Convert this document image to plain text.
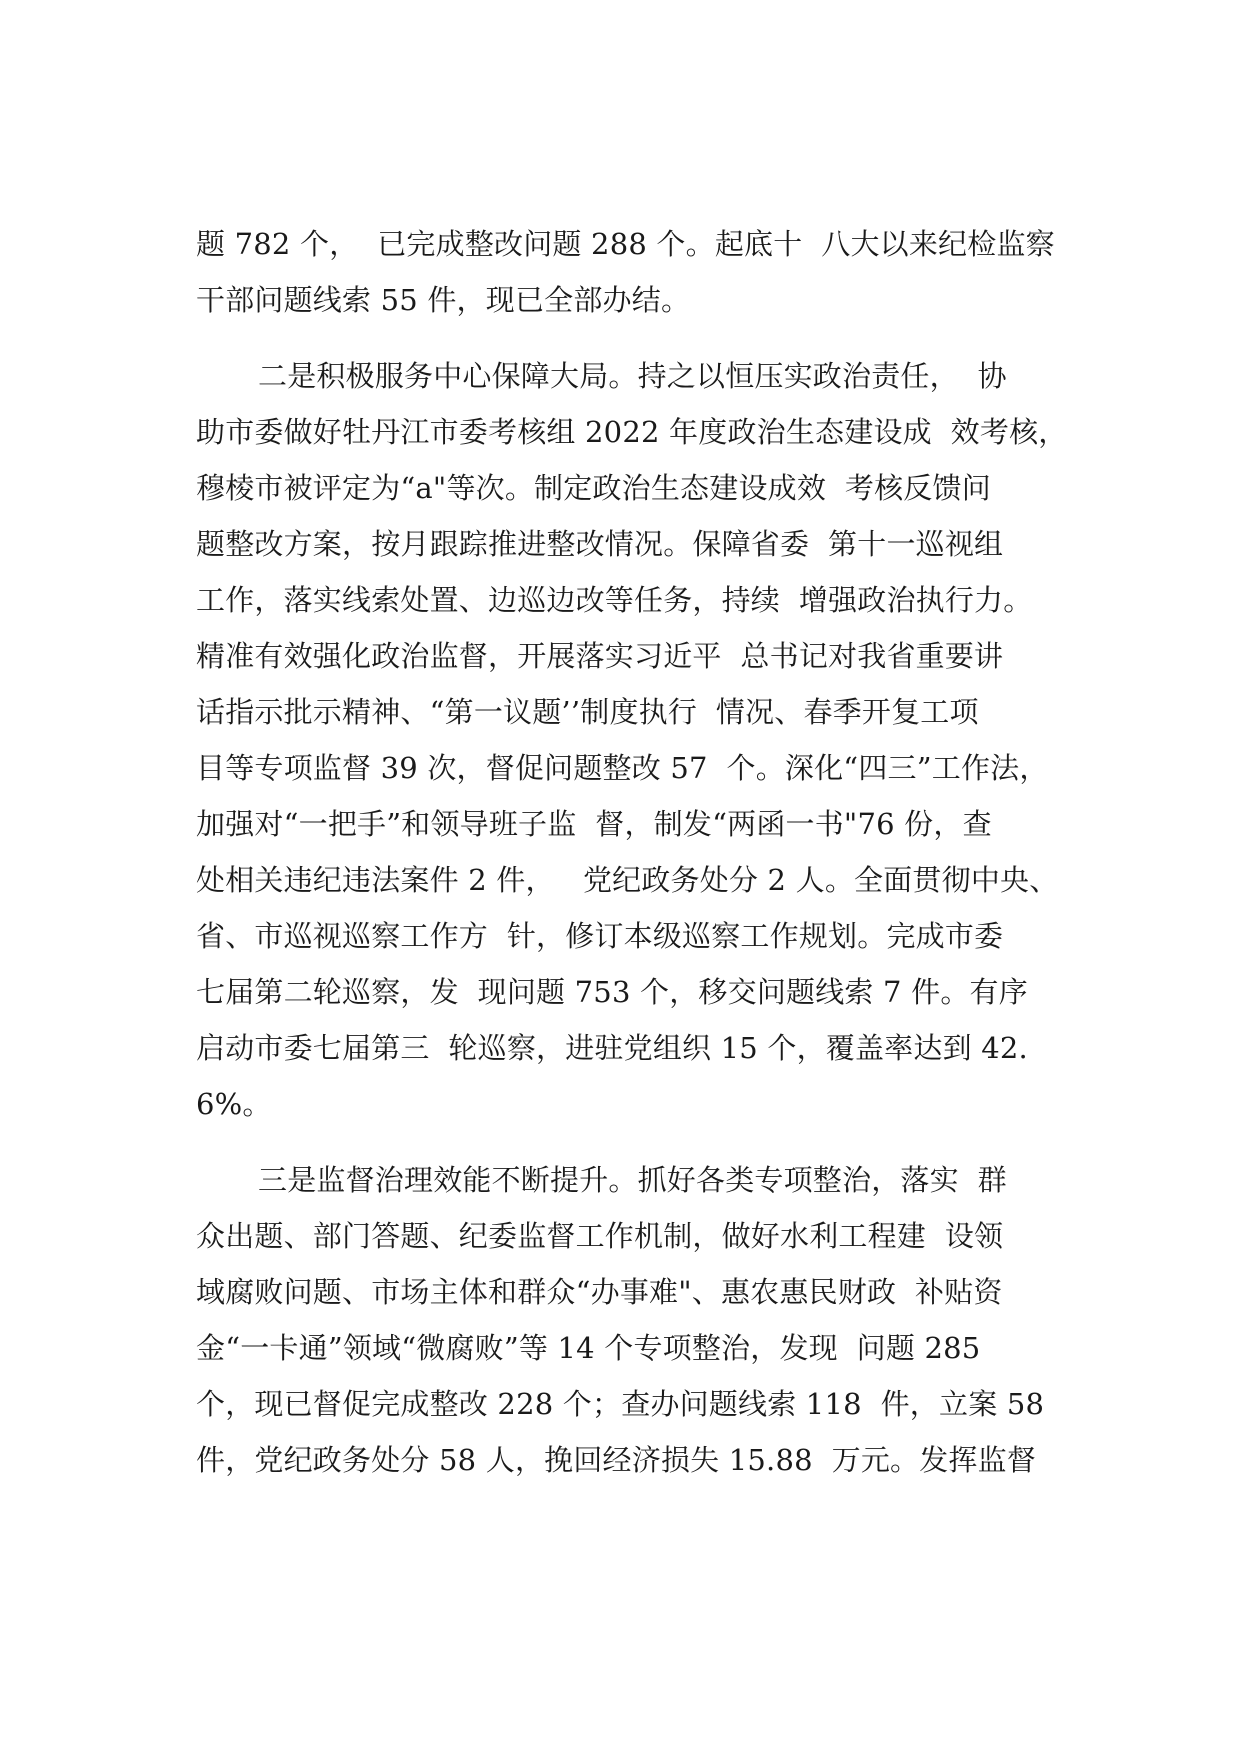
题 782 个，  已完成整改问题 288 个。起底十  八大以来纪检监察
干部问题线索 55 件，现已全部办结。
二是积极服务中心保障大局。持之以恒压实政治责任，  协
助市委做好牡丹江市委考核组 2022 年度政治生态建设成  效考核，
穆棱市被评定为“a"等次。制定政治生态建设成效  考核反馈问
题整改方案，按月跟踪推进整改情况。保障省委  第十一巡视组
工作，落实线索处置、边巡边改等任务，持续  增强政治执行力。
精准有效强化政治监督，开展落实习近平  总书记对我省重要讲
话指示批示精神、“第一议题’’制度执行  情况、春季开复工项
目等专项监督 39 次，督促问题整改 57  个。深化“四三”工作法，
加强对“一把手”和领导班子监  督，制发“两函一书"76 份，查
处相关违纪违法案件 2 件，   党纪政务处分 2 人。全面贯彻中央、
省、市巡视巡察工作方  针，修订本级巡察工作规划。完成市委
七届第二轮巡察，发  现问题 753 个，移交问题线索 7 件。有序
启动市委七届第三  轮巡察，进驻党组织 15 个，覆盖率达到 42.
6%。
三是监督治理效能不断提升。抓好各类专项整治，落实  群
众出题、部门答题、纪委监督工作机制，做好水利工程建  设领
域腐败问题、市场主体和群众“办事难"、惠农惠民财政  补贴资
金“一卡通”领域“微腐败”等 14 个专项整治，发现  问题 285
个，现已督促完成整改 228 个；查办问题线索 118  件，立案 58
件，党纪政务处分 58 人，挽回经济损失 15.88  万元。发挥监督
